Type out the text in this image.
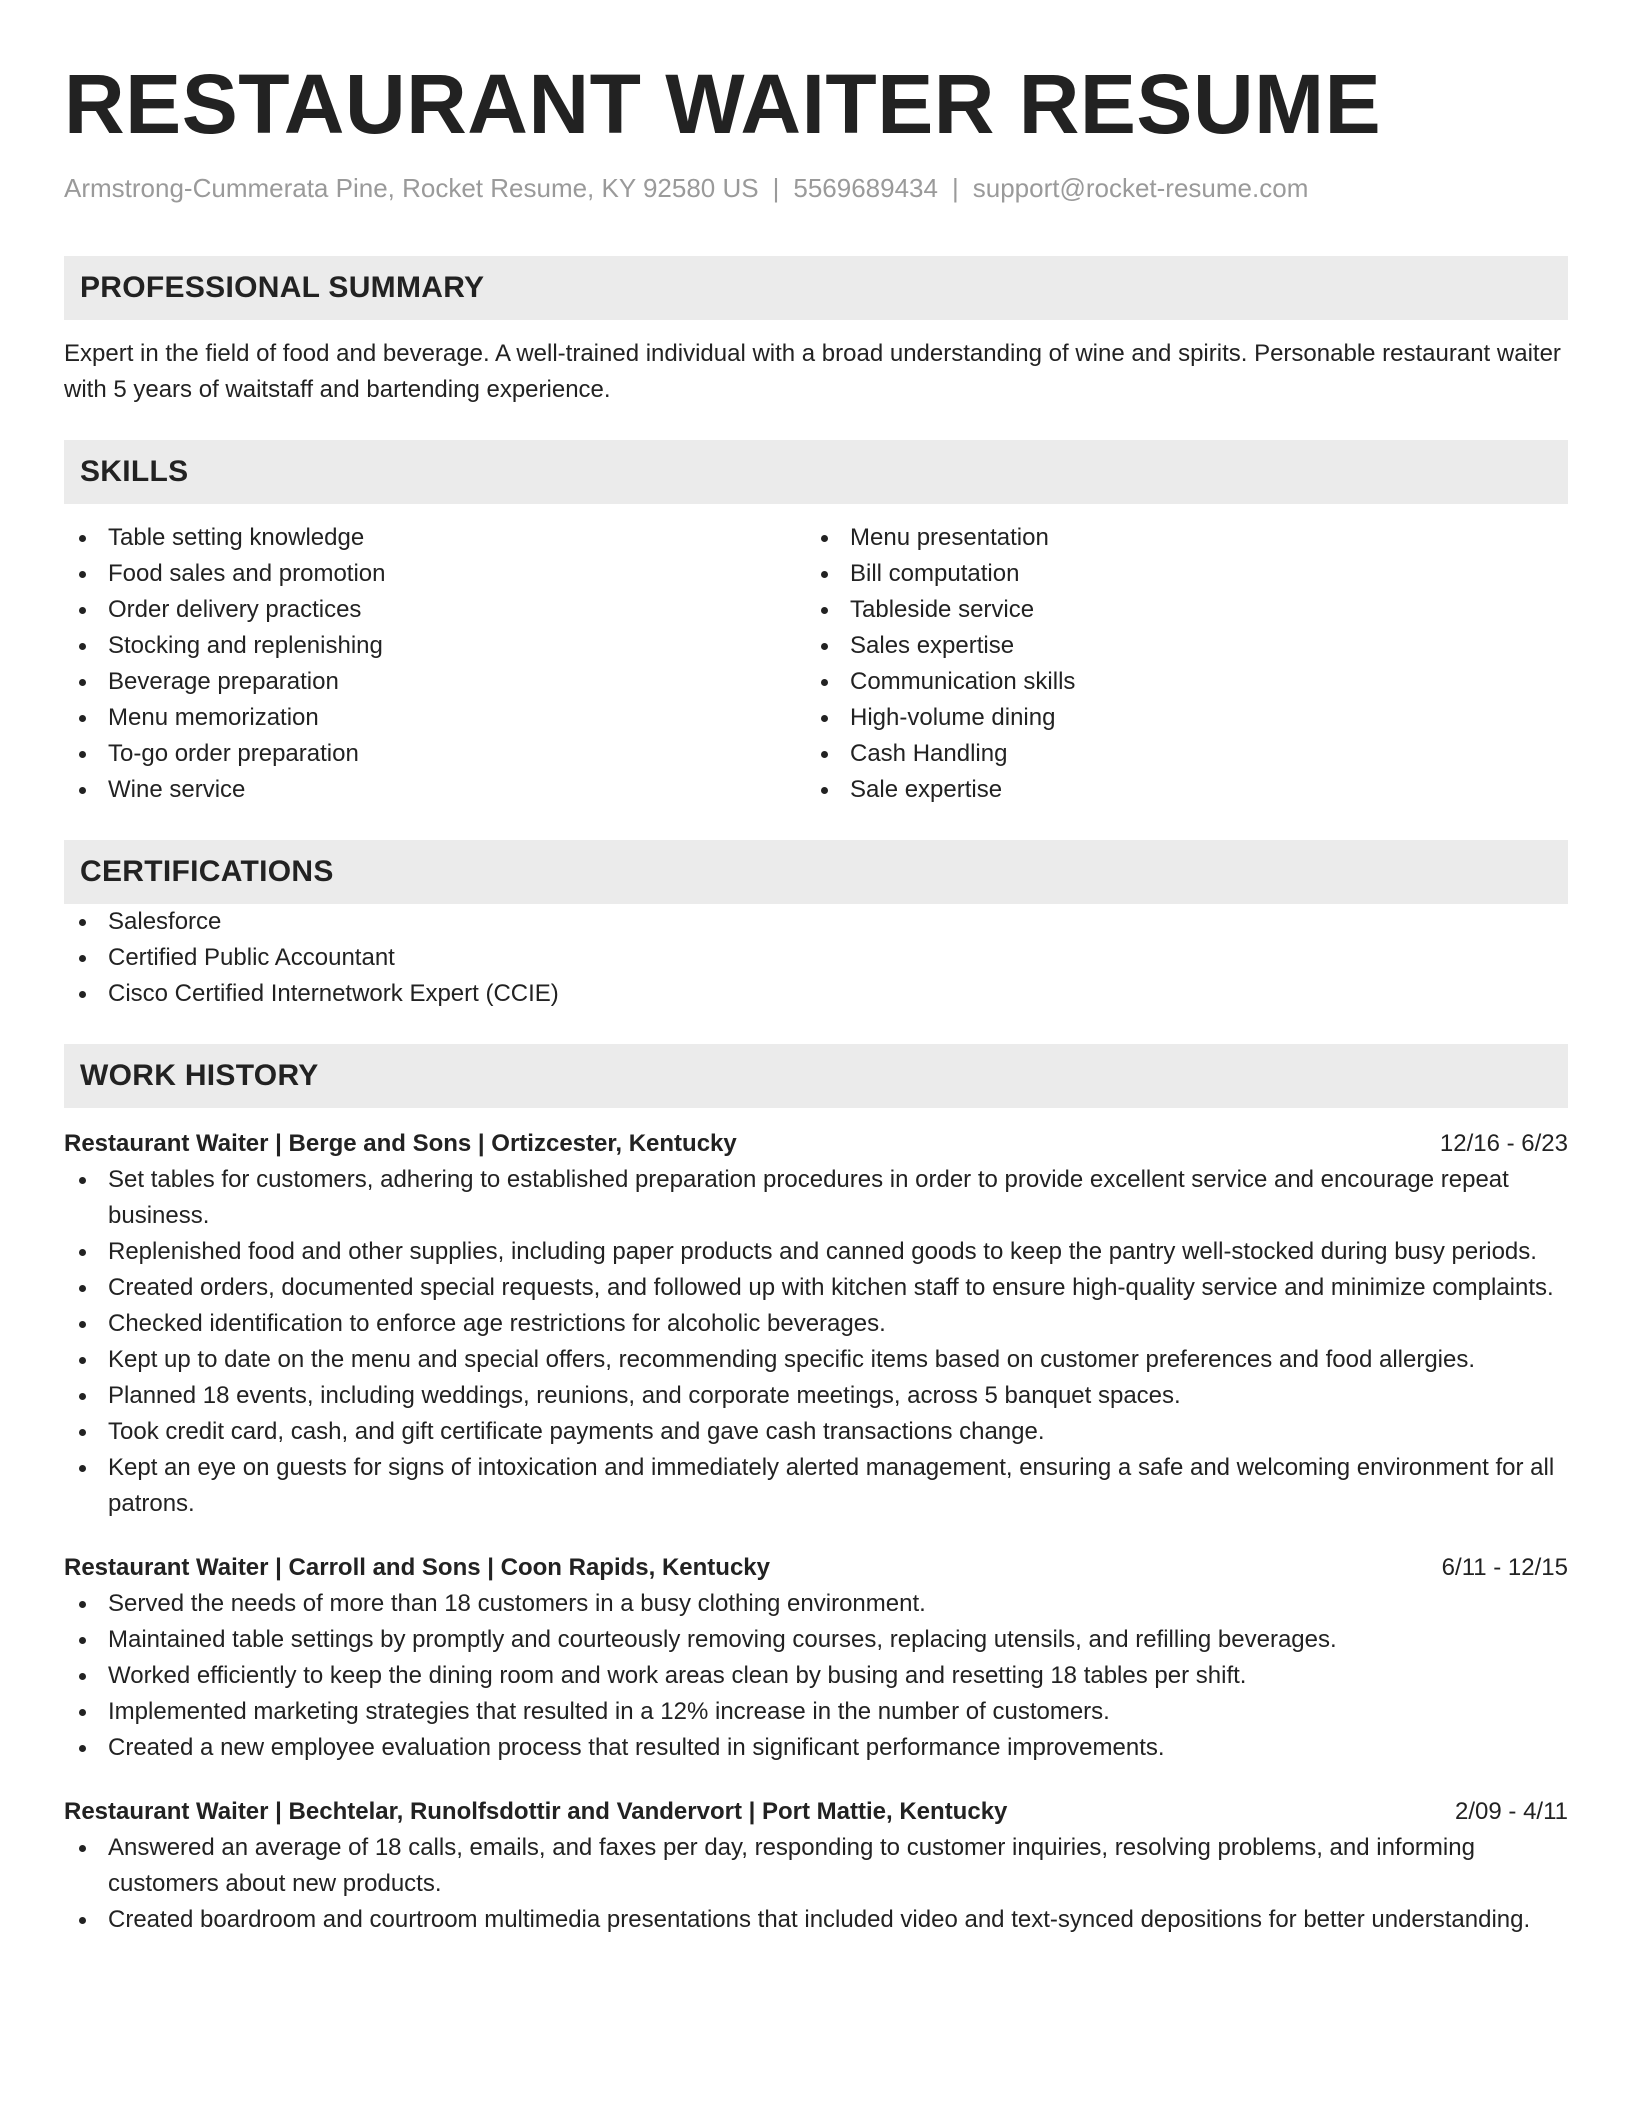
RESTAURANT WAITER RESUME
Armstrong-Cummerata Pine, Rocket Resume, KY 92580 US | 5569689434 | support@rocket-resume.com
PROFESSIONAL SUMMARY
Expert in the field of food and beverage. A well-trained individual with a broad understanding of wine and spirits. Personable restaurant waiter with 5 years of waitstaff and bartending experience.
SKILLS
Table setting knowledge
Food sales and promotion
Order delivery practices
Stocking and replenishing
Beverage preparation
Menu memorization
To-go order preparation
Wine service
Menu presentation
Bill computation
Tableside service
Sales expertise
Communication skills
High-volume dining
Cash Handling
Sale expertise
CERTIFICATIONS
Salesforce
Certified Public Accountant
Cisco Certified Internetwork Expert (CCIE)
WORK HISTORY
Restaurant Waiter | Berge and Sons | Ortizcester, Kentucky	12/16 - 6/23
Set tables for customers, adhering to established preparation procedures in order to provide excellent service and encourage repeat business.
Replenished food and other supplies, including paper products and canned goods to keep the pantry well-stocked during busy periods.
Created orders, documented special requests, and followed up with kitchen staff to ensure high-quality service and minimize complaints.
Checked identification to enforce age restrictions for alcoholic beverages.
Kept up to date on the menu and special offers, recommending specific items based on customer preferences and food allergies.
Planned 18 events, including weddings, reunions, and corporate meetings, across 5 banquet spaces.
Took credit card, cash, and gift certificate payments and gave cash transactions change.
Kept an eye on guests for signs of intoxication and immediately alerted management, ensuring a safe and welcoming environment for all patrons.
Restaurant Waiter | Carroll and Sons | Coon Rapids, Kentucky	6/11 - 12/15
Served the needs of more than 18 customers in a busy clothing environment.
Maintained table settings by promptly and courteously removing courses, replacing utensils, and refilling beverages.
Worked efficiently to keep the dining room and work areas clean by busing and resetting 18 tables per shift.
Implemented marketing strategies that resulted in a 12% increase in the number of customers.
Created a new employee evaluation process that resulted in significant performance improvements.
Restaurant Waiter | Bechtelar, Runolfsdottir and Vandervort | Port Mattie, Kentucky	2/09 - 4/11
Answered an average of 18 calls, emails, and faxes per day, responding to customer inquiries, resolving problems, and informing customers about new products.
Created boardroom and courtroom multimedia presentations that included video and text-synced depositions for better understanding.
